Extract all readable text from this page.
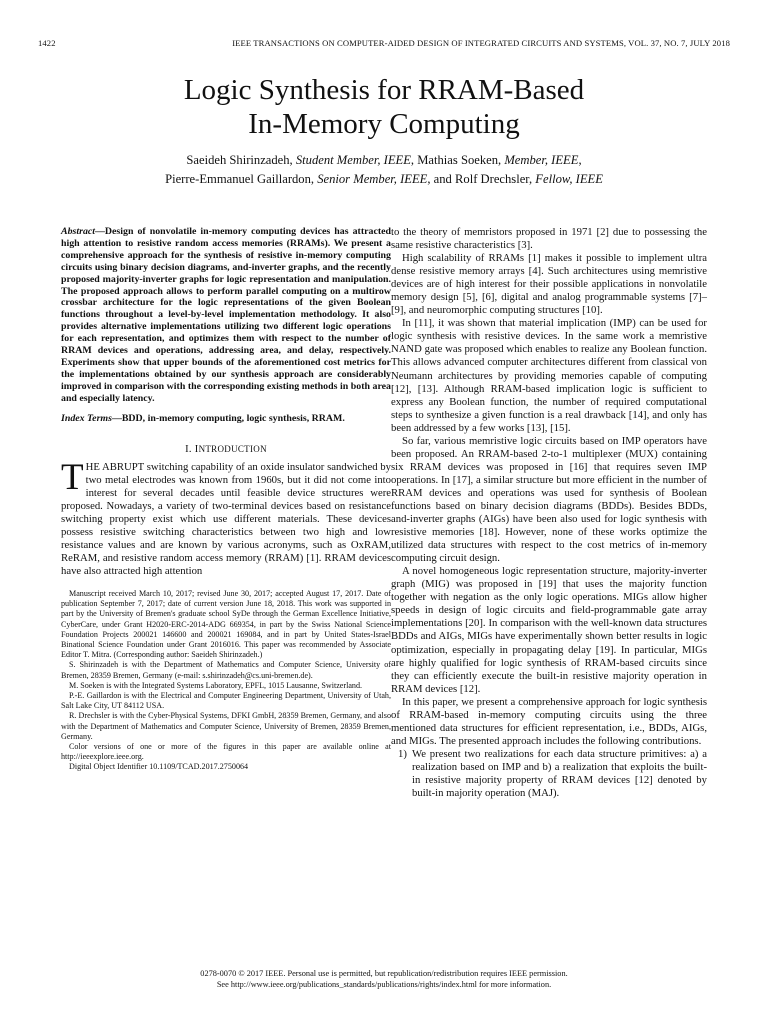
1422	IEEE TRANSACTIONS ON COMPUTER-AIDED DESIGN OF INTEGRATED CIRCUITS AND SYSTEMS, VOL. 37, NO. 7, JULY 2018
Logic Synthesis for RRAM-Based
In-Memory Computing
Saeideh Shirinzadeh, Student Member, IEEE, Mathias Soeken, Member, IEEE,
Pierre-Emmanuel Gaillardon, Senior Member, IEEE, and Rolf Drechsler, Fellow, IEEE

Abstract—Design of nonvolatile in-memory computing devices has attracted high attention to resistive random access memories (RRAMs). We present a comprehensive approach for the synthesis of resistive in-memory computing circuits using binary decision diagrams, and-inverter graphs, and the recently proposed majority-inverter graphs for logic representation and manipulation. The proposed approach allows to perform parallel computing on a multirow crossbar architecture for the logic representations of the given Boolean functions throughout a level-by-level implementation methodology. It also provides alternative implementations utilizing two different logic operations for each representation, and optimizes them with respect to the number of RRAM devices and operations, addressing area, and delay, respectively. Experiments show that upper bounds of the aforementioned cost metrics for the implementations obtained by our synthesis approach are considerably improved in comparison with the corresponding existing methods in both area and especially latency.

Index Terms—BDD, in-memory computing, logic synthesis, RRAM.

I. INTRODUCTION

THE ABRUPT switching capability of an oxide insulator sandwiched by two metal electrodes was known from 1960s, but it did not come into interest for several decades until feasible device structures were proposed. Nowadays, a variety of two-terminal devices based on resistance switching property exist which use different materials. These devices possess resistive switching characteristics between two high and low resistance values and are known by various acronyms, such as OxRAM, ReRAM, and resistive random access memory (RRAM) [1]. RRAM devices have also attracted high attention

Manuscript received March 10, 2017; revised June 30, 2017; accepted August 17, 2017. Date of publication September 7, 2017; date of current version June 18, 2018. This work was supported in part by the University of Bremen's graduate school SyDe through the German Excellence Initiative, CyberCare, under Grant H2020-ERC-2014-ADG 669354, in part by the Swiss National Science Foundation Projects 200021 146600 and 200021 169084, and in part by United States-Israel Binational Science Foundation under Grant 2016016. This paper was recommended by Associate Editor T. Mitra. (Corresponding author: Saeideh Shirinzadeh.)
S. Shirinzadeh is with the Department of Mathematics and Computer Science, University of Bremen, 28359 Bremen, Germany (e-mail: s.shirinzadeh@cs.uni-bremen.de).
M. Soeken is with the Integrated Systems Laboratory, EPFL, 1015 Lausanne, Switzerland.
P.-E. Gaillardon is with the Electrical and Computer Engineering Department, University of Utah, Salt Lake City, UT 84112 USA.
R. Drechsler is with the Cyber-Physical Systems, DFKI GmbH, 28359 Bremen, Germany, and also with the Department of Mathematics and Computer Science, University of Bremen, 28359 Bremen, Germany.
Color versions of one or more of the figures in this paper are available online at http://ieeexplore.ieee.org.
Digital Object Identifier 10.1109/TCAD.2017.2750064

to the theory of memristors proposed in 1971 [2] due to possessing the same resistive characteristics [3].

High scalability of RRAMs [1] makes it possible to implement ultra dense resistive memory arrays [4]. Such architectures using memristive devices are of high interest for their possible applications in nonvolatile memory design [5], [6], digital and analog programmable systems [7]–[9], and neuromorphic computing structures [10].

In [11], it was shown that material implication (IMP) can be used for logic synthesis with resistive devices. In the same work a memristive NAND gate was proposed which enables to realize any Boolean function. This allows advanced computer architectures different from classical von Neumann architectures by providing memories capable of computing [12], [13]. Although RRAM-based implication logic is sufficient to express any Boolean function, the number of required computational steps to synthesize a given function is a real drawback [14], and only has been addressed by a few works [13], [15].

So far, various memristive logic circuits based on IMP operators have been proposed. An RRAM-based 2-to-1 multiplexer (MUX) containing six RRAM devices was proposed in [16] that requires seven IMP operations. In [17], a similar structure but more efficient in the number of RRAM devices and operations was used for synthesis of Boolean functions based on binary decision diagrams (BDDs). Besides BDDs, and-inverter graphs (AIGs) have been also used for logic synthesis with resistive memories [18]. However, none of these works optimize the utilized data structures with respect to the cost metrics of in-memory computing circuit design.

A novel homogeneous logic representation structure, majority-inverter graph (MIG) was proposed in [19] that uses the majority function together with negation as the only logic operations. MIGs allow higher speeds in design of logic circuits and field-programmable gate array implementations [20]. In comparison with the well-known data structures BDDs and AIGs, MIGs have experimentally shown better results in logic optimization, especially in propagating delay [19]. In particular, MIGs are highly qualified for logic synthesis of RRAM-based circuits since they can efficiently execute the built-in resistive majority operation in RRAM devices [12].

In this paper, we present a comprehensive approach for logic synthesis of RRAM-based in-memory computing circuits using the three mentioned data structures for efficient representation, i.e., BDDs, AIGs, and MIGs. The presented approach includes the following contributions.

1) We present two realizations for each data structure primitives: a) a realization based on IMP and b) a realization that exploits the built-in resistive majority property of RRAM devices [12] denoted by built-in majority operation (MAJ).
0278-0070 © 2017 IEEE. Personal use is permitted, but republication/redistribution requires IEEE permission.
See http://www.ieee.org/publications_standards/publications/rights/index.html for more information.
